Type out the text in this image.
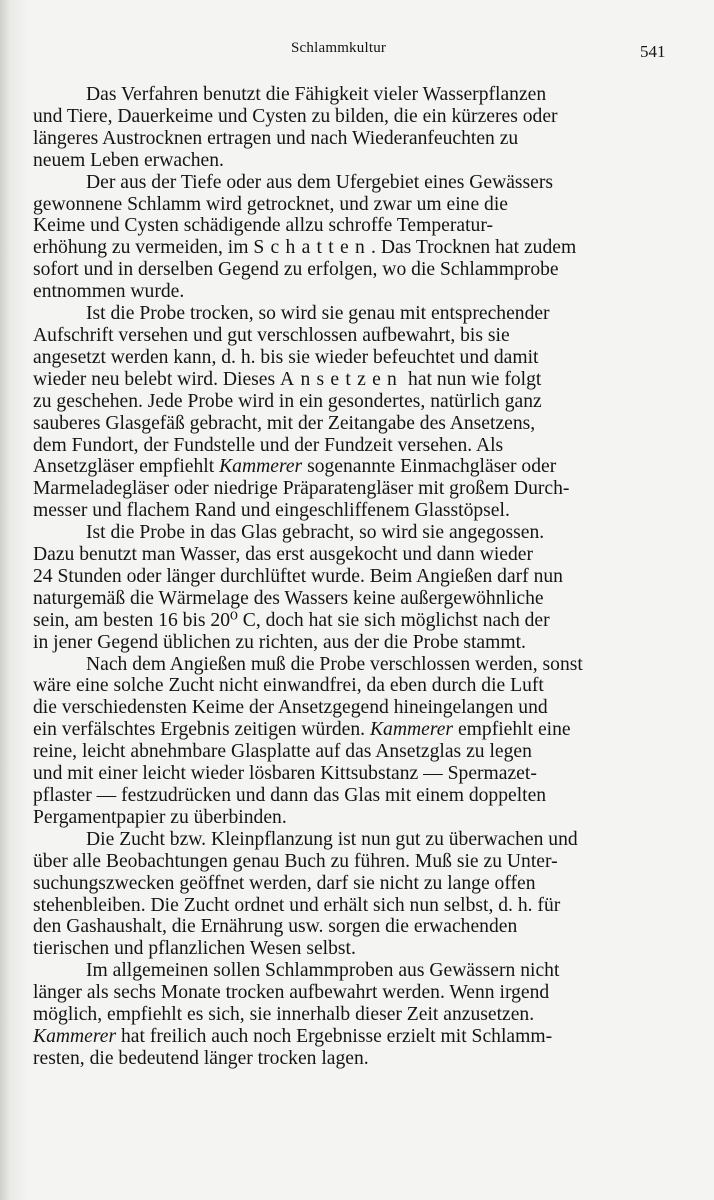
Schlammkultur	541

Das Verfahren benutzt die Fähigkeit vieler Wasserpflanzen
und Tiere, Dauerkeime und Cysten zu bilden, die ein kürzeres oder
längeres Austrocknen ertragen und nach Wiederanfeuchten zu
neuem Leben erwachen.

Der aus der Tiefe oder aus dem Ufergebiet eines Gewässers
gewonnene Schlamm wird getrocknet, und zwar um eine die
Keime und Cysten schädigende allzu schroffe Temperatur-
erhöhung zu vermeiden, im Schatten. Das Trocknen hat zudem
sofort und in derselben Gegend zu erfolgen, wo die Schlammprobe
entnommen wurde.

Ist die Probe trocken, so wird sie genau mit entsprechender
Aufschrift versehen und gut verschlossen aufbewahrt, bis sie
angesetzt werden kann, d. h. bis sie wieder befeuchtet und damit
wieder neu belebt wird. Dieses Ansetzen hat nun wie folgt
zu geschehen. Jede Probe wird in ein gesondertes, natürlich ganz
sauberes Glasgefäß gebracht, mit der Zeitangabe des Ansetzens,
dem Fundort, der Fundstelle und der Fundzeit versehen. Als
Ansetzgläser empfiehlt Kammerer sogenannte Einmachgläser oder
Marmeladegläser oder niedrige Präparatengläser mit großem Durch-
messer und flachem Rand und eingeschliffenem Glasstöpsel.

Ist die Probe in das Glas gebracht, so wird sie angegossen.
Dazu benutzt man Wasser, das erst ausgekocht und dann wieder
24 Stunden oder länger durchlüftet wurde. Beim Angießen darf nun
naturgemäß die Wärmelage des Wassers keine außergewöhnliche
sein, am besten 16 bis 20⁰ C, doch hat sie sich möglichst nach der
in jener Gegend üblichen zu richten, aus der die Probe stammt.

Nach dem Angießen muß die Probe verschlossen werden, sonst
wäre eine solche Zucht nicht einwandfrei, da eben durch die Luft
die verschiedensten Keime der Ansetzgegend hineingelangen und
ein verfälschtes Ergebnis zeitigen würden. Kammerer empfiehlt eine
reine, leicht abnehmbare Glasplatte auf das Ansetzglas zu legen
und mit einer leicht wieder lösbaren Kittsubstanz — Spermazet-
pflaster — festzudrücken und dann das Glas mit einem doppelten
Pergamentpapier zu überbinden.

Die Zucht bzw. Kleinpflanzung ist nun gut zu überwachen und
über alle Beobachtungen genau Buch zu führen. Muß sie zu Unter-
suchungszwecken geöffnet werden, darf sie nicht zu lange offen
stehenbleiben. Die Zucht ordnet und erhält sich nun selbst, d. h. für
den Gashaushalt, die Ernährung usw. sorgen die erwachenden
tierischen und pflanzlichen Wesen selbst.

Im allgemeinen sollen Schlammproben aus Gewässern nicht
länger als sechs Monate trocken aufbewahrt werden. Wenn irgend
möglich, empfiehlt es sich, sie innerhalb dieser Zeit anzusetzen.
Kammerer hat freilich auch noch Ergebnisse erzielt mit Schlamm-
resten, die bedeutend länger trocken lagen.
